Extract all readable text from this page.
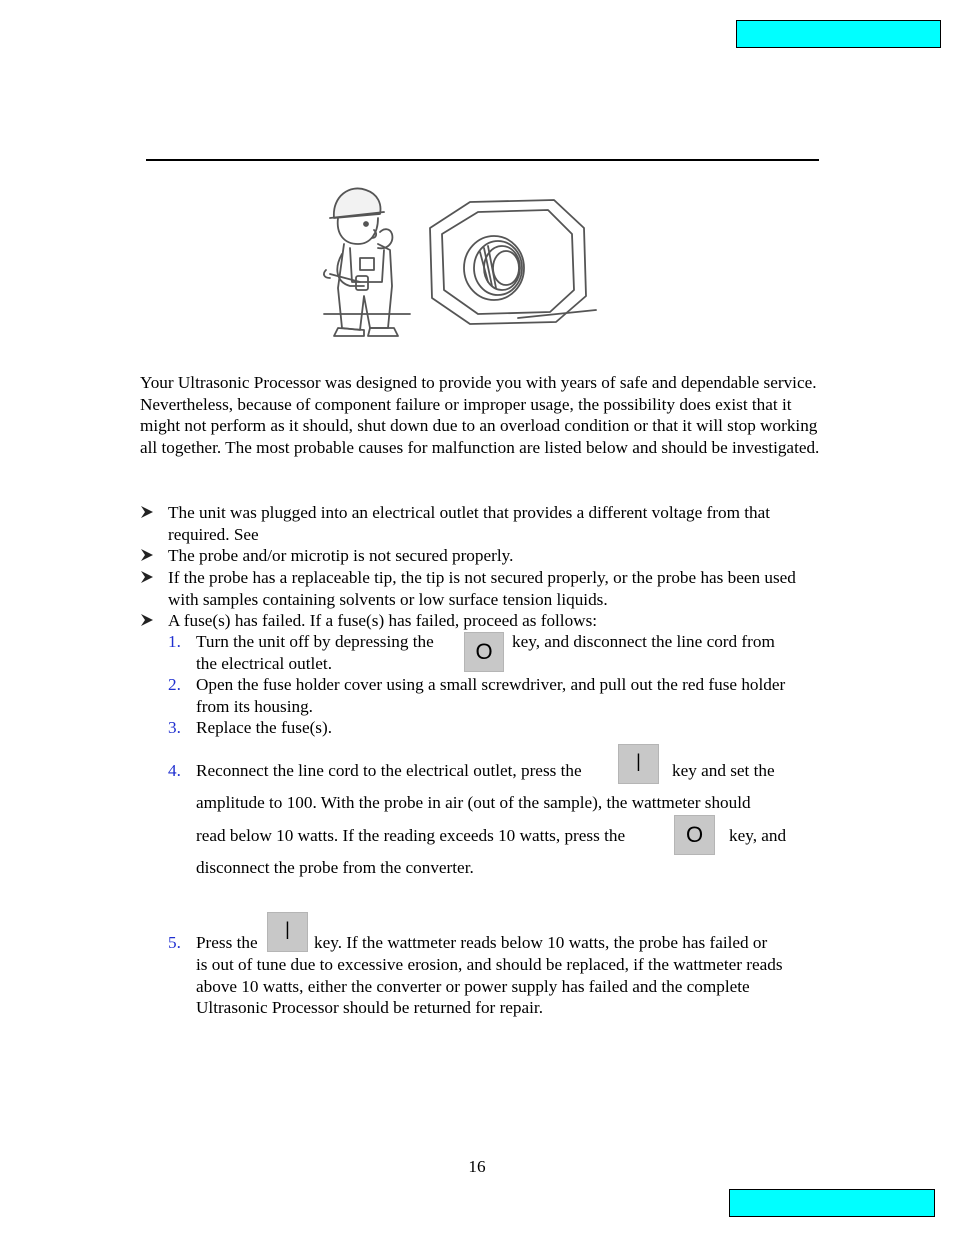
Your Ultrasonic Processor was designed to provide you with years of safe and dependable service. Nevertheless, because of component failure or improper usage, the possibility does exist that it might not perform as it should, shut down due to an overload condition or that it will stop working all together. The most probable causes for malfunction are listed below and should be investigated.
The unit was plugged into an electrical outlet that provides a different voltage from that required. See
The probe and/or microtip is not secured properly.
If the probe has a replaceable tip, the tip is not secured properly, or the probe has been used with samples containing solvents or low surface tension liquids.
A fuse(s) has failed. If a fuse(s) has failed, proceed as follows:
1. Turn the unit off by depressing the	O	key, and disconnect the line cord from
the electrical outlet.
2. Open the fuse holder cover using a small screwdriver, and pull out the red fuse holder from its housing.
3. Replace the fuse(s).
4. Reconnect the line cord to the electrical outlet, press the	|	key and set the
amplitude to 100. With the probe in air (out of the sample), the wattmeter should
read below 10 watts. If the reading exceeds 10 watts, press the	O	key, and
disconnect the probe from the converter.
5. Press the
|
key. If the wattmeter reads below 10 watts, the probe has failed or
is out of tune due to excessive erosion, and should be replaced, if the wattmeter reads above 10 watts, either the converter or power supply has failed and the complete Ultrasonic Processor should be returned for repair.
16
